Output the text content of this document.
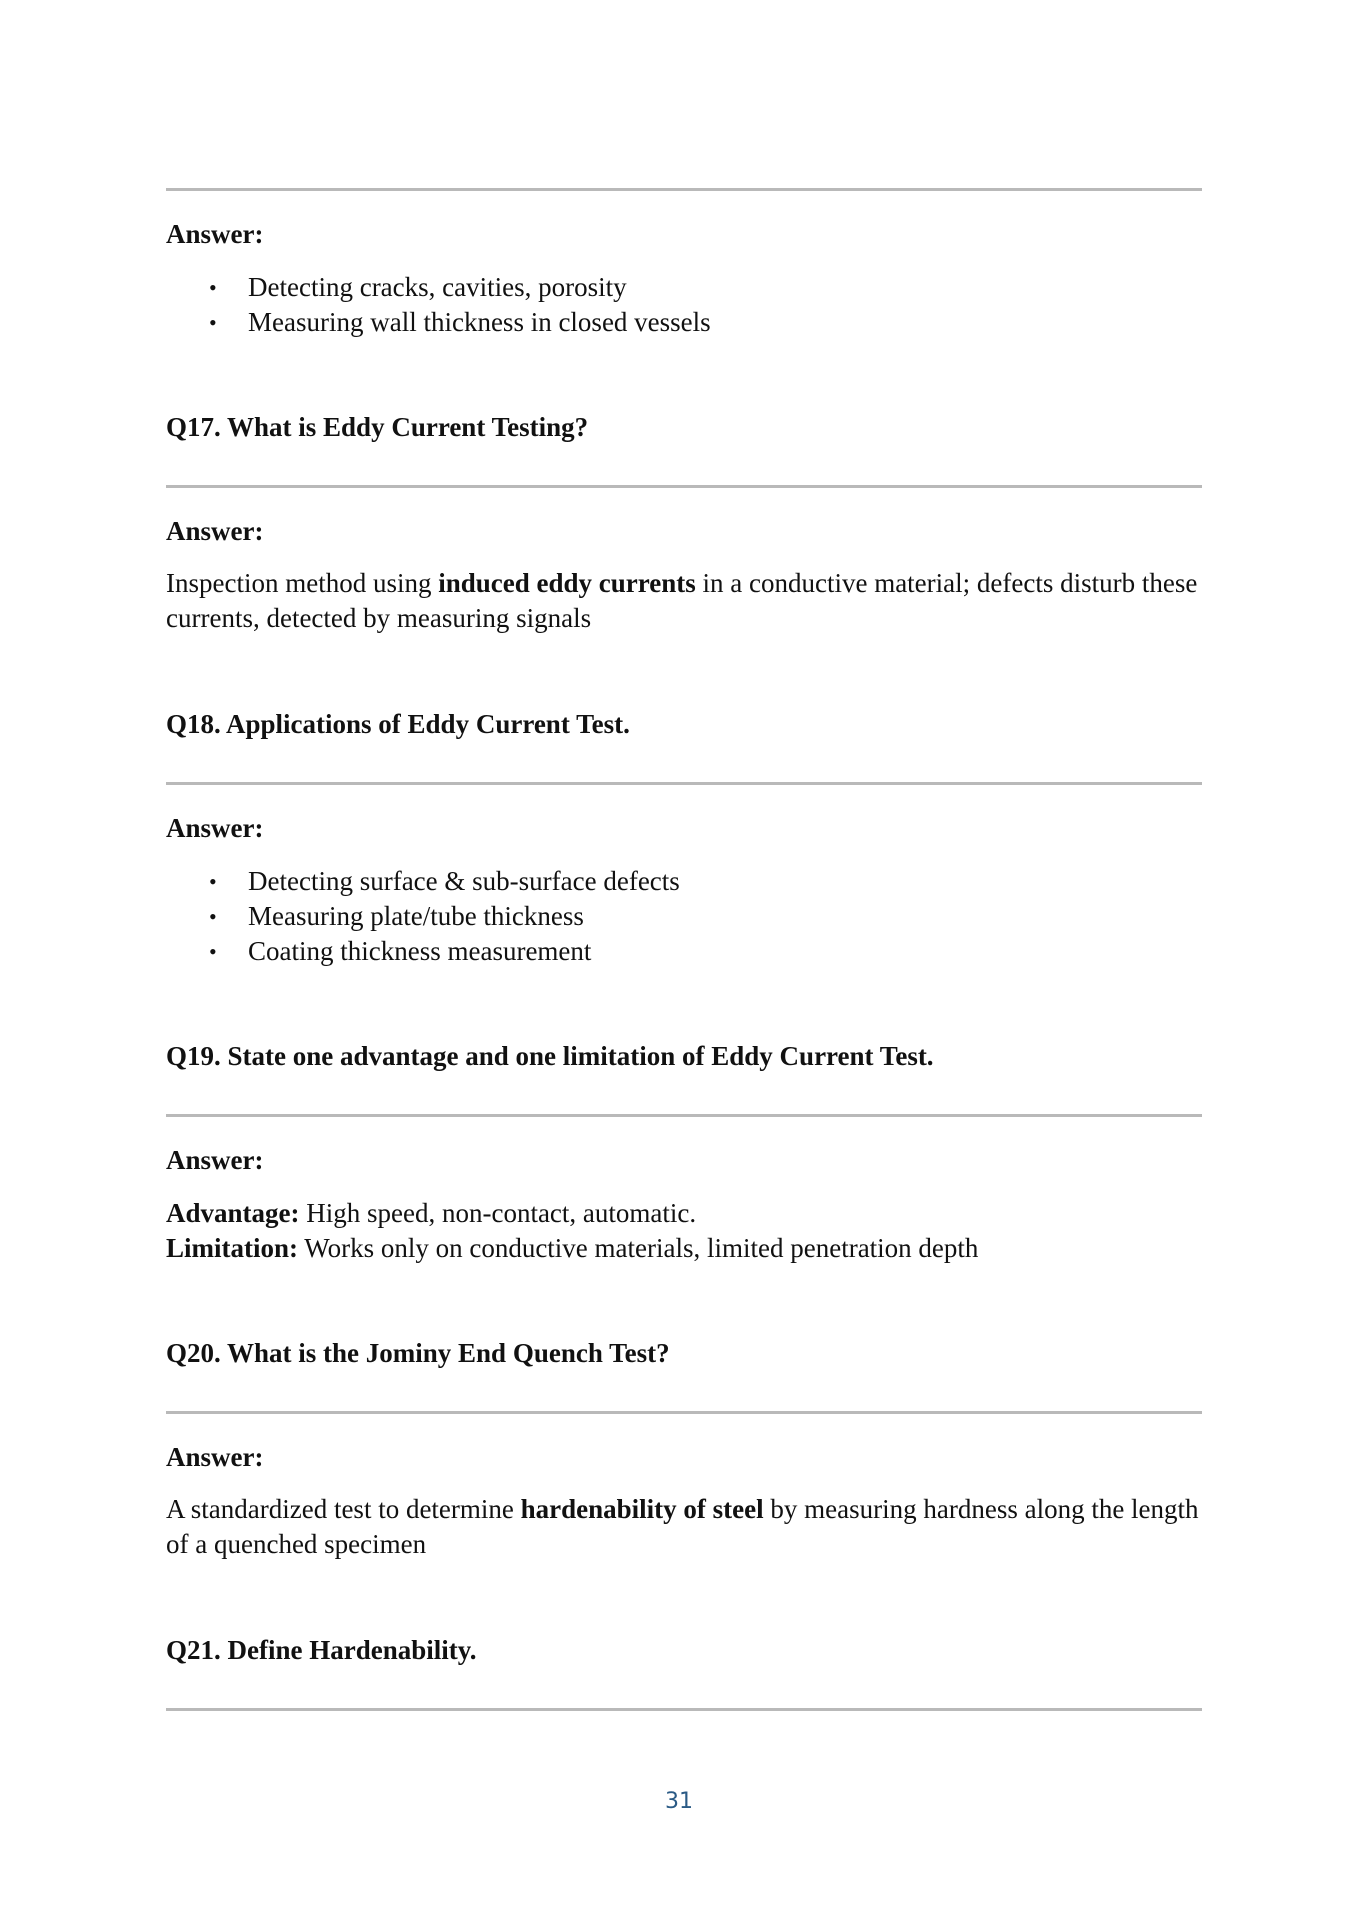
Answer:

• Detecting cracks, cavities, porosity
• Measuring wall thickness in closed vessels

Q17. What is Eddy Current Testing?

Answer:

Inspection method using induced eddy currents in a conductive material; defects disturb these currents, detected by measuring signals

Q18. Applications of Eddy Current Test.

Answer:

• Detecting surface & sub-surface defects
• Measuring plate/tube thickness
• Coating thickness measurement

Q19. State one advantage and one limitation of Eddy Current Test.

Answer:

Advantage: High speed, non-contact, automatic.

Limitation: Works only on conductive materials, limited penetration depth

Q20. What is the Jominy End Quench Test?

Answer:

A standardized test to determine hardenability of steel by measuring hardness along the length of a quenched specimen

Q21. Define Hardenability.

31
